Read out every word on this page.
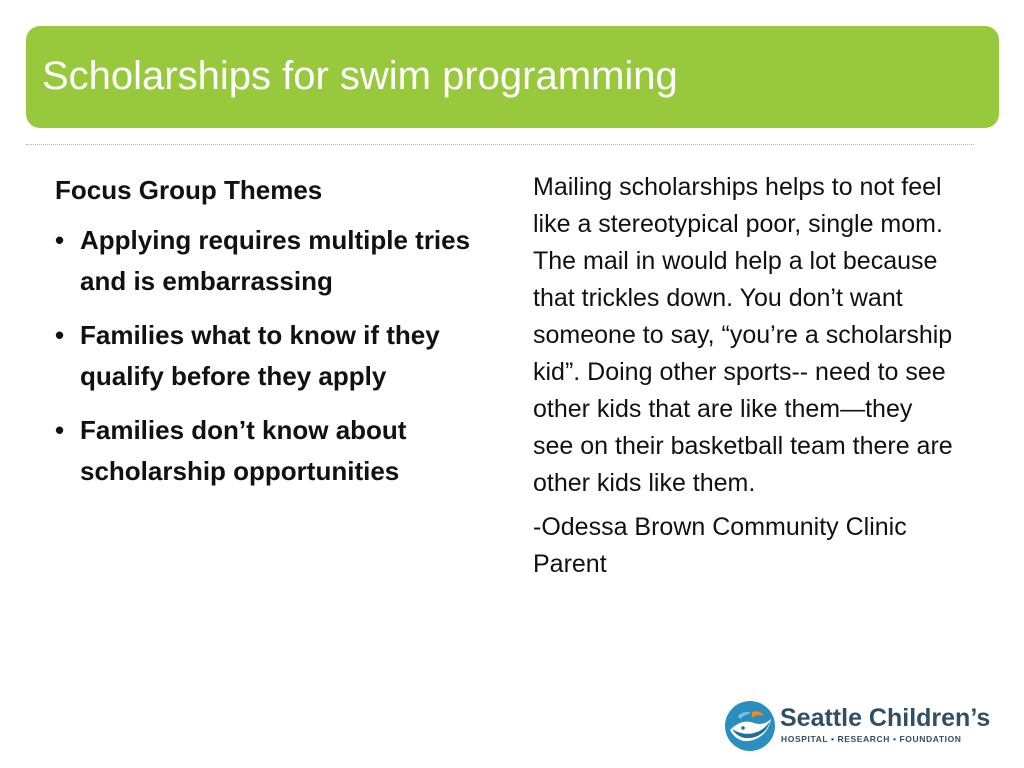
Scholarships for swim programming
Focus Group Themes
• Applying requires multiple tries and is embarrassing
• Families what to know if they qualify before they apply
• Families don’t know about scholarship opportunities

Mailing scholarships helps to not feel like a stereotypical poor, single mom. The mail in would help a lot because that trickles down. You don’t want someone to say, “you’re a scholarship kid”. Doing other sports-- need to see other kids that are like them—they see on their basketball team there are other kids like them.

-Odessa Brown Community Clinic Parent

Seattle Children’s
HOSPITAL • RESEARCH • FOUNDATION
